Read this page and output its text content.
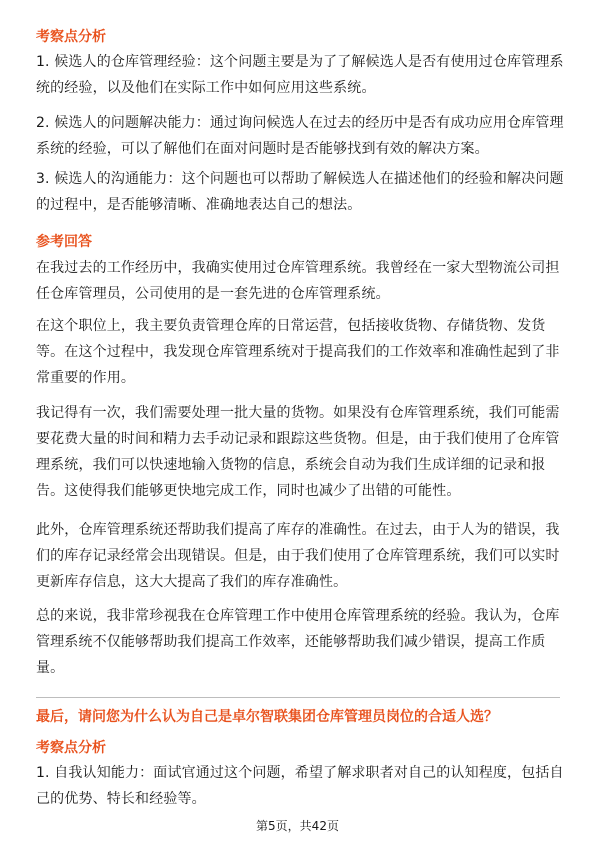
考察点分析
1. 候选人的仓库管理经验：这个问题主要是为了了解候选人是否有使用过仓库管理系统的经验，以及他们在实际工作中如何应用这些系统。
2. 候选人的问题解决能力：通过询问候选人在过去的经历中是否有成功应用仓库管理系统的经验，可以了解他们在面对问题时是否能够找到有效的解决方案。
3. 候选人的沟通能力：这个问题也可以帮助了解候选人在描述他们的经验和解决问题的过程中，是否能够清晰、准确地表达自己的想法。
参考回答
在我过去的工作经历中，我确实使用过仓库管理系统。我曾经在一家大型物流公司担任仓库管理员，公司使用的是一套先进的仓库管理系统。
在这个职位上，我主要负责管理仓库的日常运营，包括接收货物、存储货物、发货等。在这个过程中，我发现仓库管理系统对于提高我们的工作效率和准确性起到了非常重要的作用。
我记得有一次，我们需要处理一批大量的货物。如果没有仓库管理系统，我们可能需要花费大量的时间和精力去手动记录和跟踪这些货物。但是，由于我们使用了仓库管理系统，我们可以快速地输入货物的信息，系统会自动为我们生成详细的记录和报告。这使得我们能够更快地完成工作，同时也减少了出错的可能性。
此外，仓库管理系统还帮助我们提高了库存的准确性。在过去，由于人为的错误，我们的库存记录经常会出现错误。但是，由于我们使用了仓库管理系统，我们可以实时更新库存信息，这大大提高了我们的库存准确性。
总的来说，我非常珍视我在仓库管理工作中使用仓库管理系统的经验。我认为，仓库管理系统不仅能够帮助我们提高工作效率，还能够帮助我们减少错误，提高工作质量。
最后，请问您为什么认为自己是卓尔智联集团仓库管理员岗位的合适人选？
考察点分析
1. 自我认知能力：面试官通过这个问题，希望了解求职者对自己的认知程度，包括自己的优势、特长和经验等。
第5页，共42页
